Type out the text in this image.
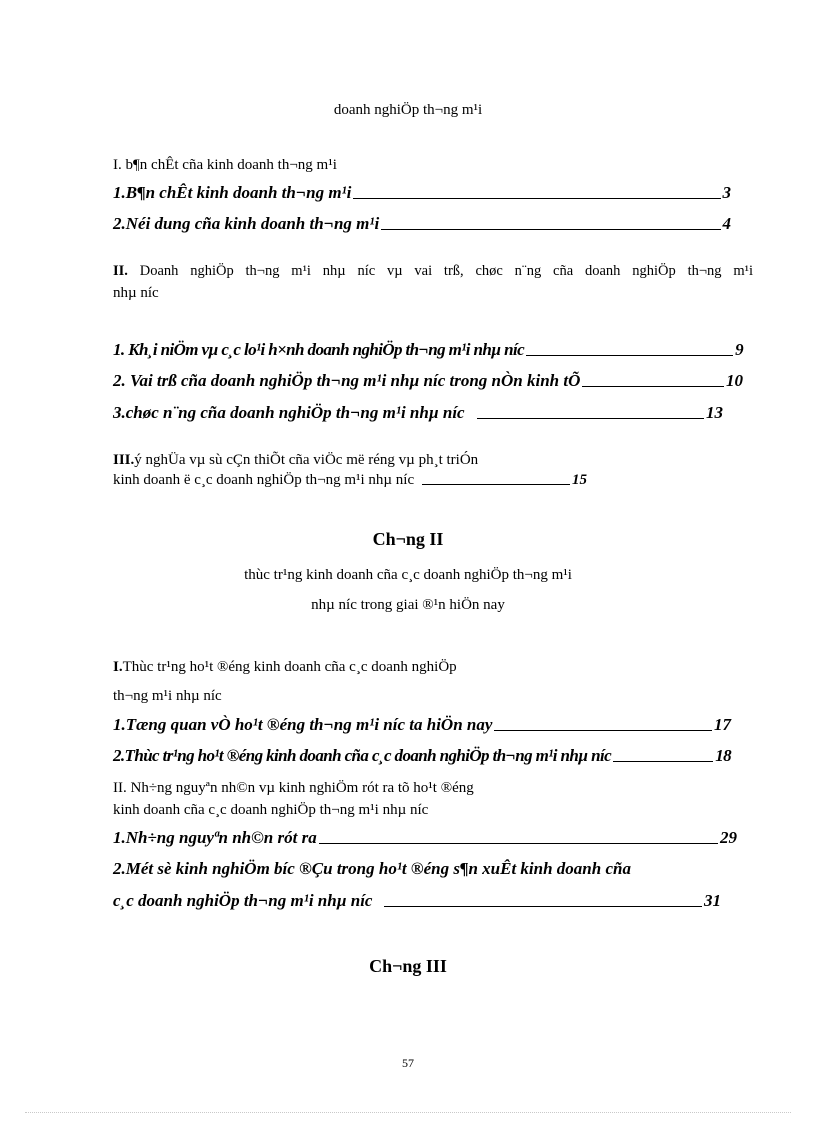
doanh nghiÖp th¬ng m¹i
I. b¶n chÊt cña kinh doanh th¬ng m¹i
1.B¶n chÊt kinh doanh th¬ng m¹i	3
2.Néi dung cña kinh doanh th¬ng m¹i	4
II. Doanh nghiÖp th¬ng m¹i nhµ níc vµ vai trß, chøc n¨ng cña doanh nghiÖp th¬ng m¹i
nhµ níc
1. Kh¸i niÖm vµ c¸c lo¹i h×nh doanh nghiÖp th¬ng m¹i nhµ níc	9
2. Vai trß cña doanh nghiÖp th¬ng m¹i nhµ níc trong nÒn kinh tÕ	10
3.chøc n¨ng cña doanh nghiÖp th¬ng m¹i nhµ níc	13
III.ý nghÜa vµ sù cÇn thiÕt cña viÖc më réng vµ ph¸t triÓn
kinh doanh ë c¸c doanh nghiÖp th¬ng m¹i nhµ níc	15
Ch¬ng II
thùc tr¹ng kinh doanh cña c¸c doanh nghiÖp th¬ng m¹i
nhµ níc trong giai ®¹n hiÖn nay
I.Thùc tr¹ng ho¹t ®éng kinh doanh cña c¸c doanh nghiÖp
th¬ng m¹i nhµ níc
1.Tæng quan vÒ ho¹t ®éng th¬ng m¹i níc ta hiÖn nay	17
2.Thùc tr¹ng ho¹t ®éng kinh doanh cña c¸c doanh nghiÖp th¬ng m¹i nhµ níc	18
II. Nh÷ng nguyªn nh©n vµ kinh nghiÖm rót ra tõ ho¹t ®éng
kinh doanh cña c¸c doanh nghiÖp th¬ng m¹i nhµ níc
1.Nh÷ng nguyªn nh©n rót ra	29
2.Mét sè kinh nghiÖm bíc ®Çu trong ho¹t ®éng s¶n xuÊt kinh doanh cña
c¸c doanh nghiÖp th¬ng m¹i nhµ níc	31
Ch¬ng III
57
